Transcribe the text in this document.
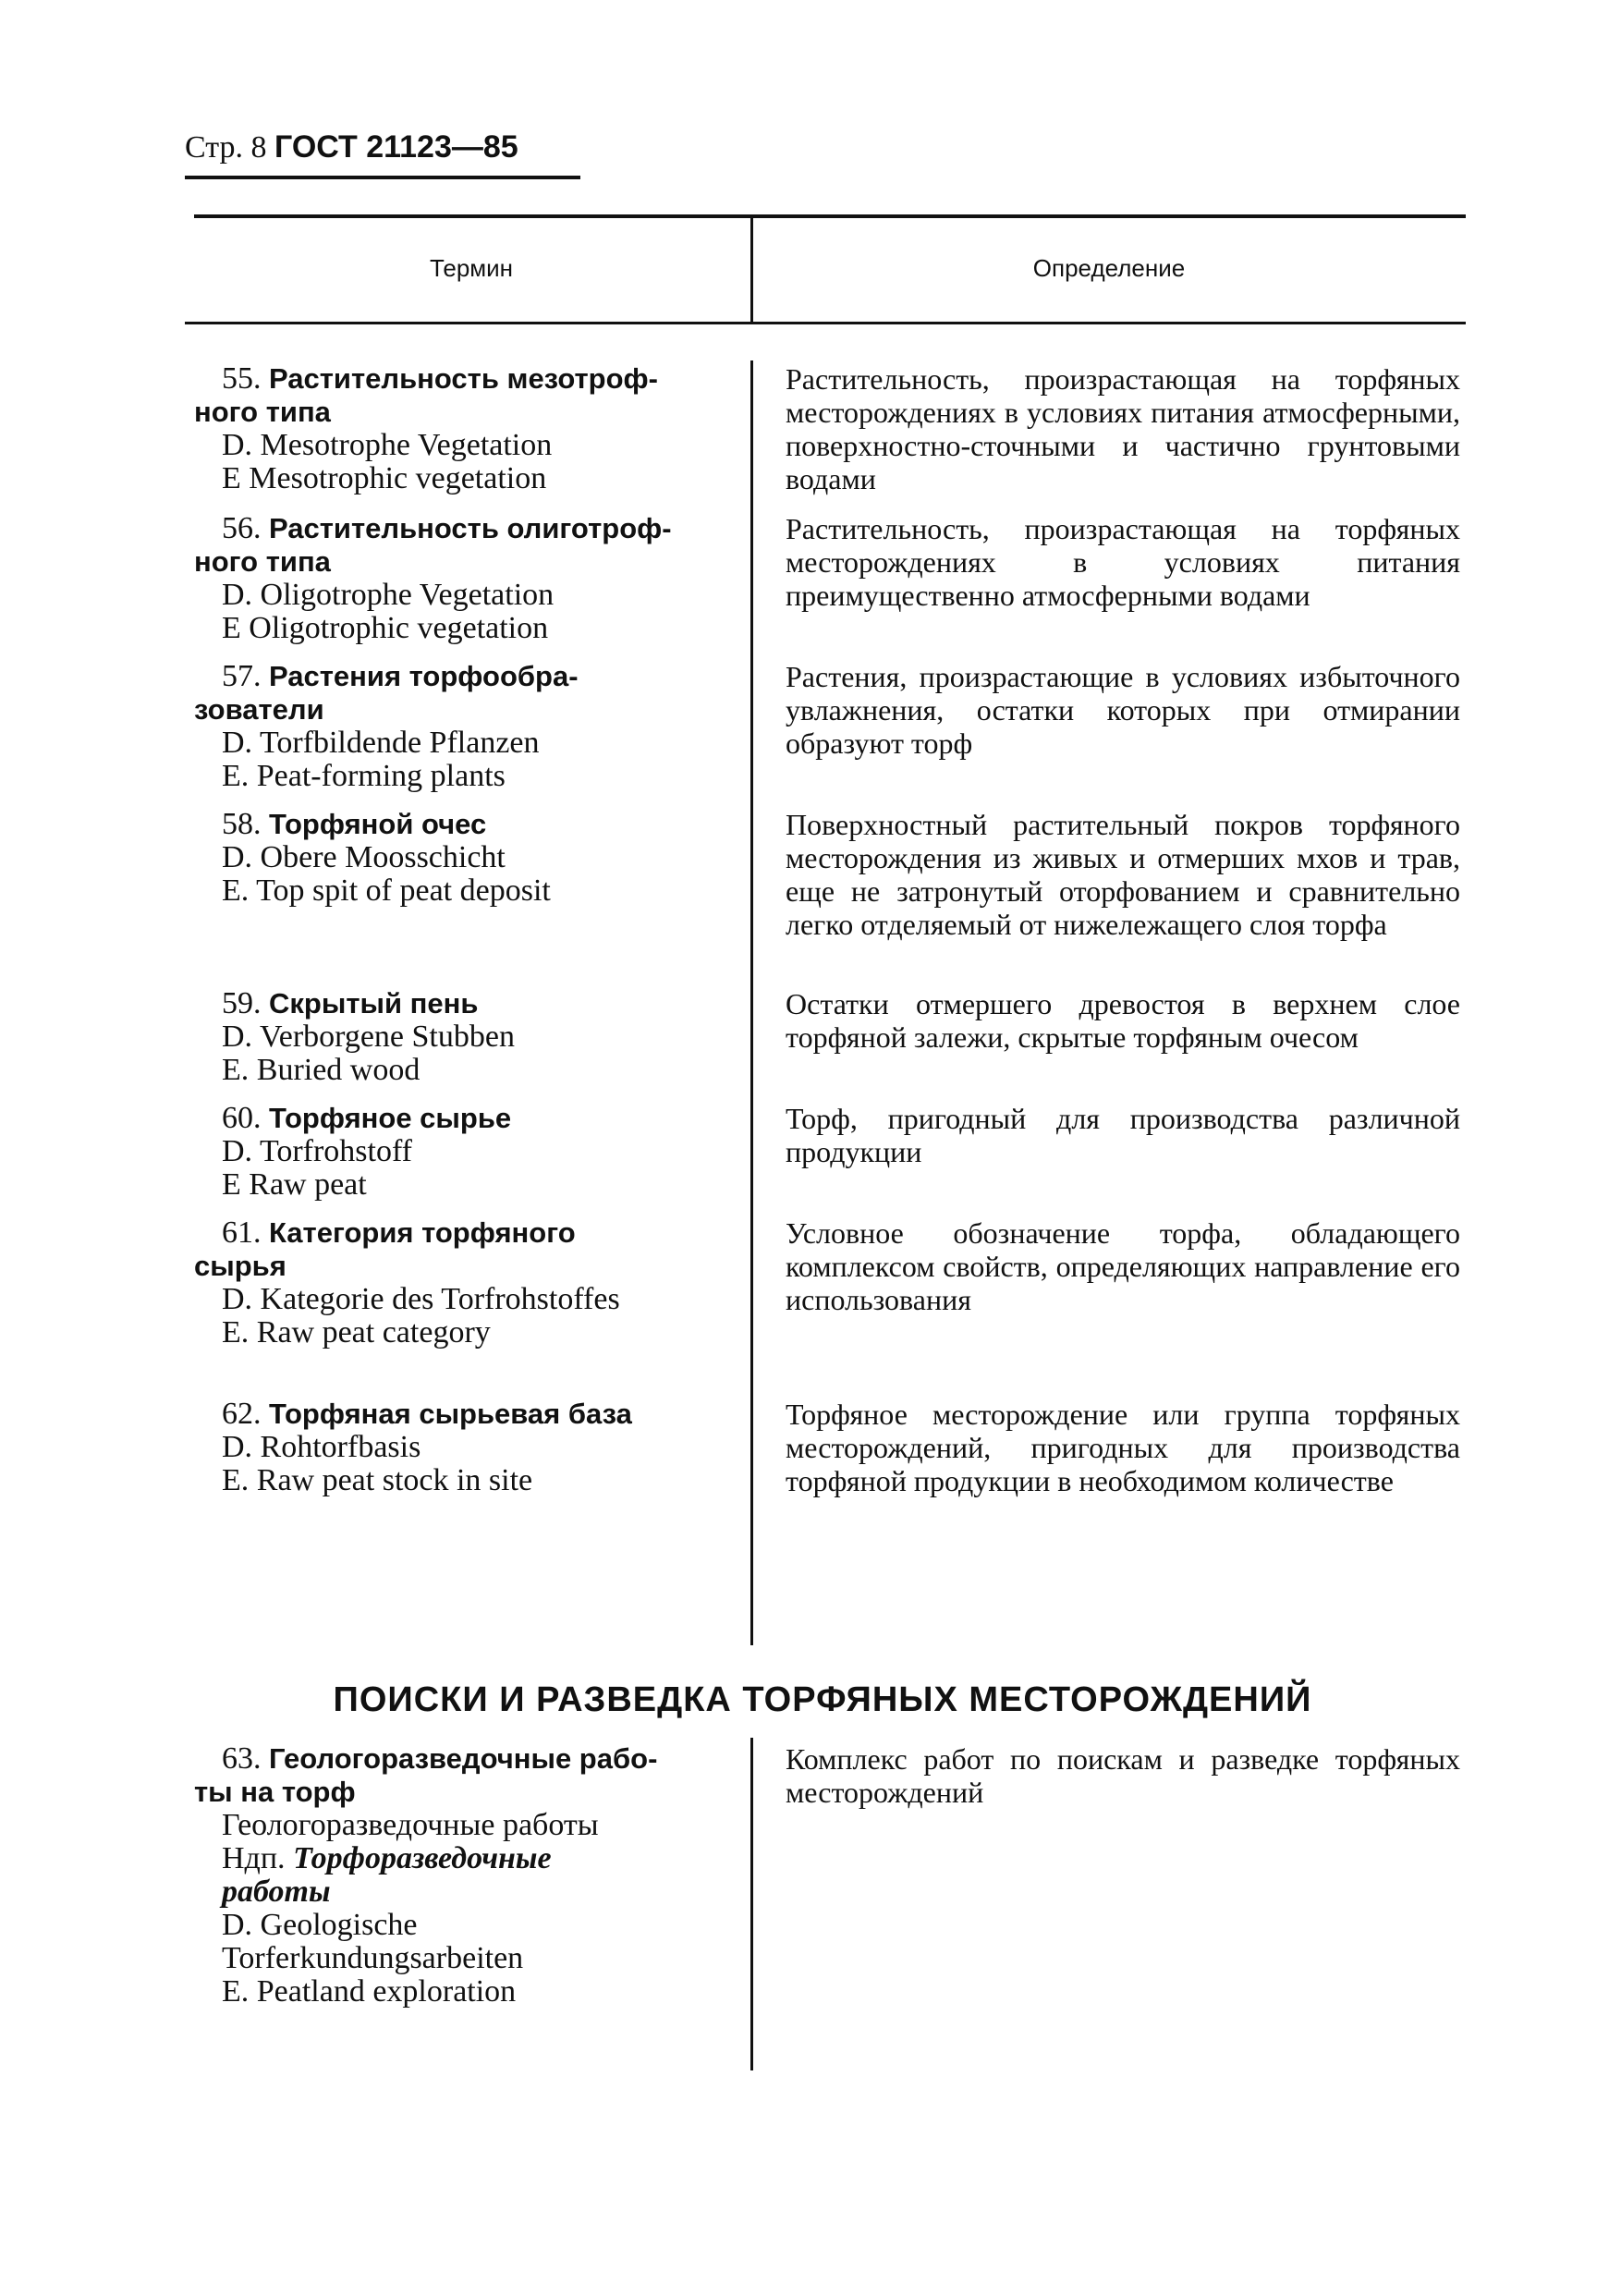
Стр. 8 ГОСТ 21123—85
Термин	Определение
55. Растительность мезотроф-
ного типа
D. Mesotrophe Vegetation
E Mesotrophic vegetation
Растительность, произрастающая на торфяных месторождениях в условиях питания атмосферными, поверхностно-сточными и частично грунтовыми водами
56. Растительность олиготроф-
ного типа
D. Oligotrophe Vegetation
E Oligotrophic vegetation
Растительность, произрастающая на торфяных месторождениях в условиях питания преимущественно атмосферными водами
57. Растения торфообра-
зователи
D. Torfbildende Pflanzen
E. Peat-forming plants
Растения, произрастающие в условиях избыточного увлажнения, остатки которых при отмирании образуют торф
58. Торфяной очес
D. Obere Moosschicht
E. Top spit of peat deposit
Поверхностный растительный покров торфяного месторождения из живых и отмерших мхов и трав, еще не затронутый оторфованием и сравнительно легко отделяемый от нижележащего слоя торфа
59. Скрытый пень
D. Verborgene Stubben
E. Buried wood
Остатки отмершего древостоя в верхнем слое торфяной залежи, скрытые торфяным очесом
60. Торфяное сырье
D. Torfrohstoff
E Raw peat
Торф, пригодный для производства различной продукции
61. Категория торфяного
сырья
D. Kategorie des Torfrohstoffes
E. Raw peat category
Условное обозначение торфа, обладающего комплексом свойств, определяющих направление его использования
62. Торфяная сырьевая база
D. Rohtorfbasis
E. Raw peat stock in site
Торфяное месторождение или группа торфяных месторождений, пригодных для производства торфяной продукции в необходимом количестве
ПОИСКИ И РАЗВЕДКА ТОРФЯНЫХ МЕСТОРОЖДЕНИЙ
63. Геологоразведочные рабо-
ты на торф
Геологоразведочные работы
Ндп. Торфоразведочные работы
D. Geologische Torferkundungsarbeiten
E. Peatland exploration
Комплекс работ по поискам и разведке торфяных месторождений
